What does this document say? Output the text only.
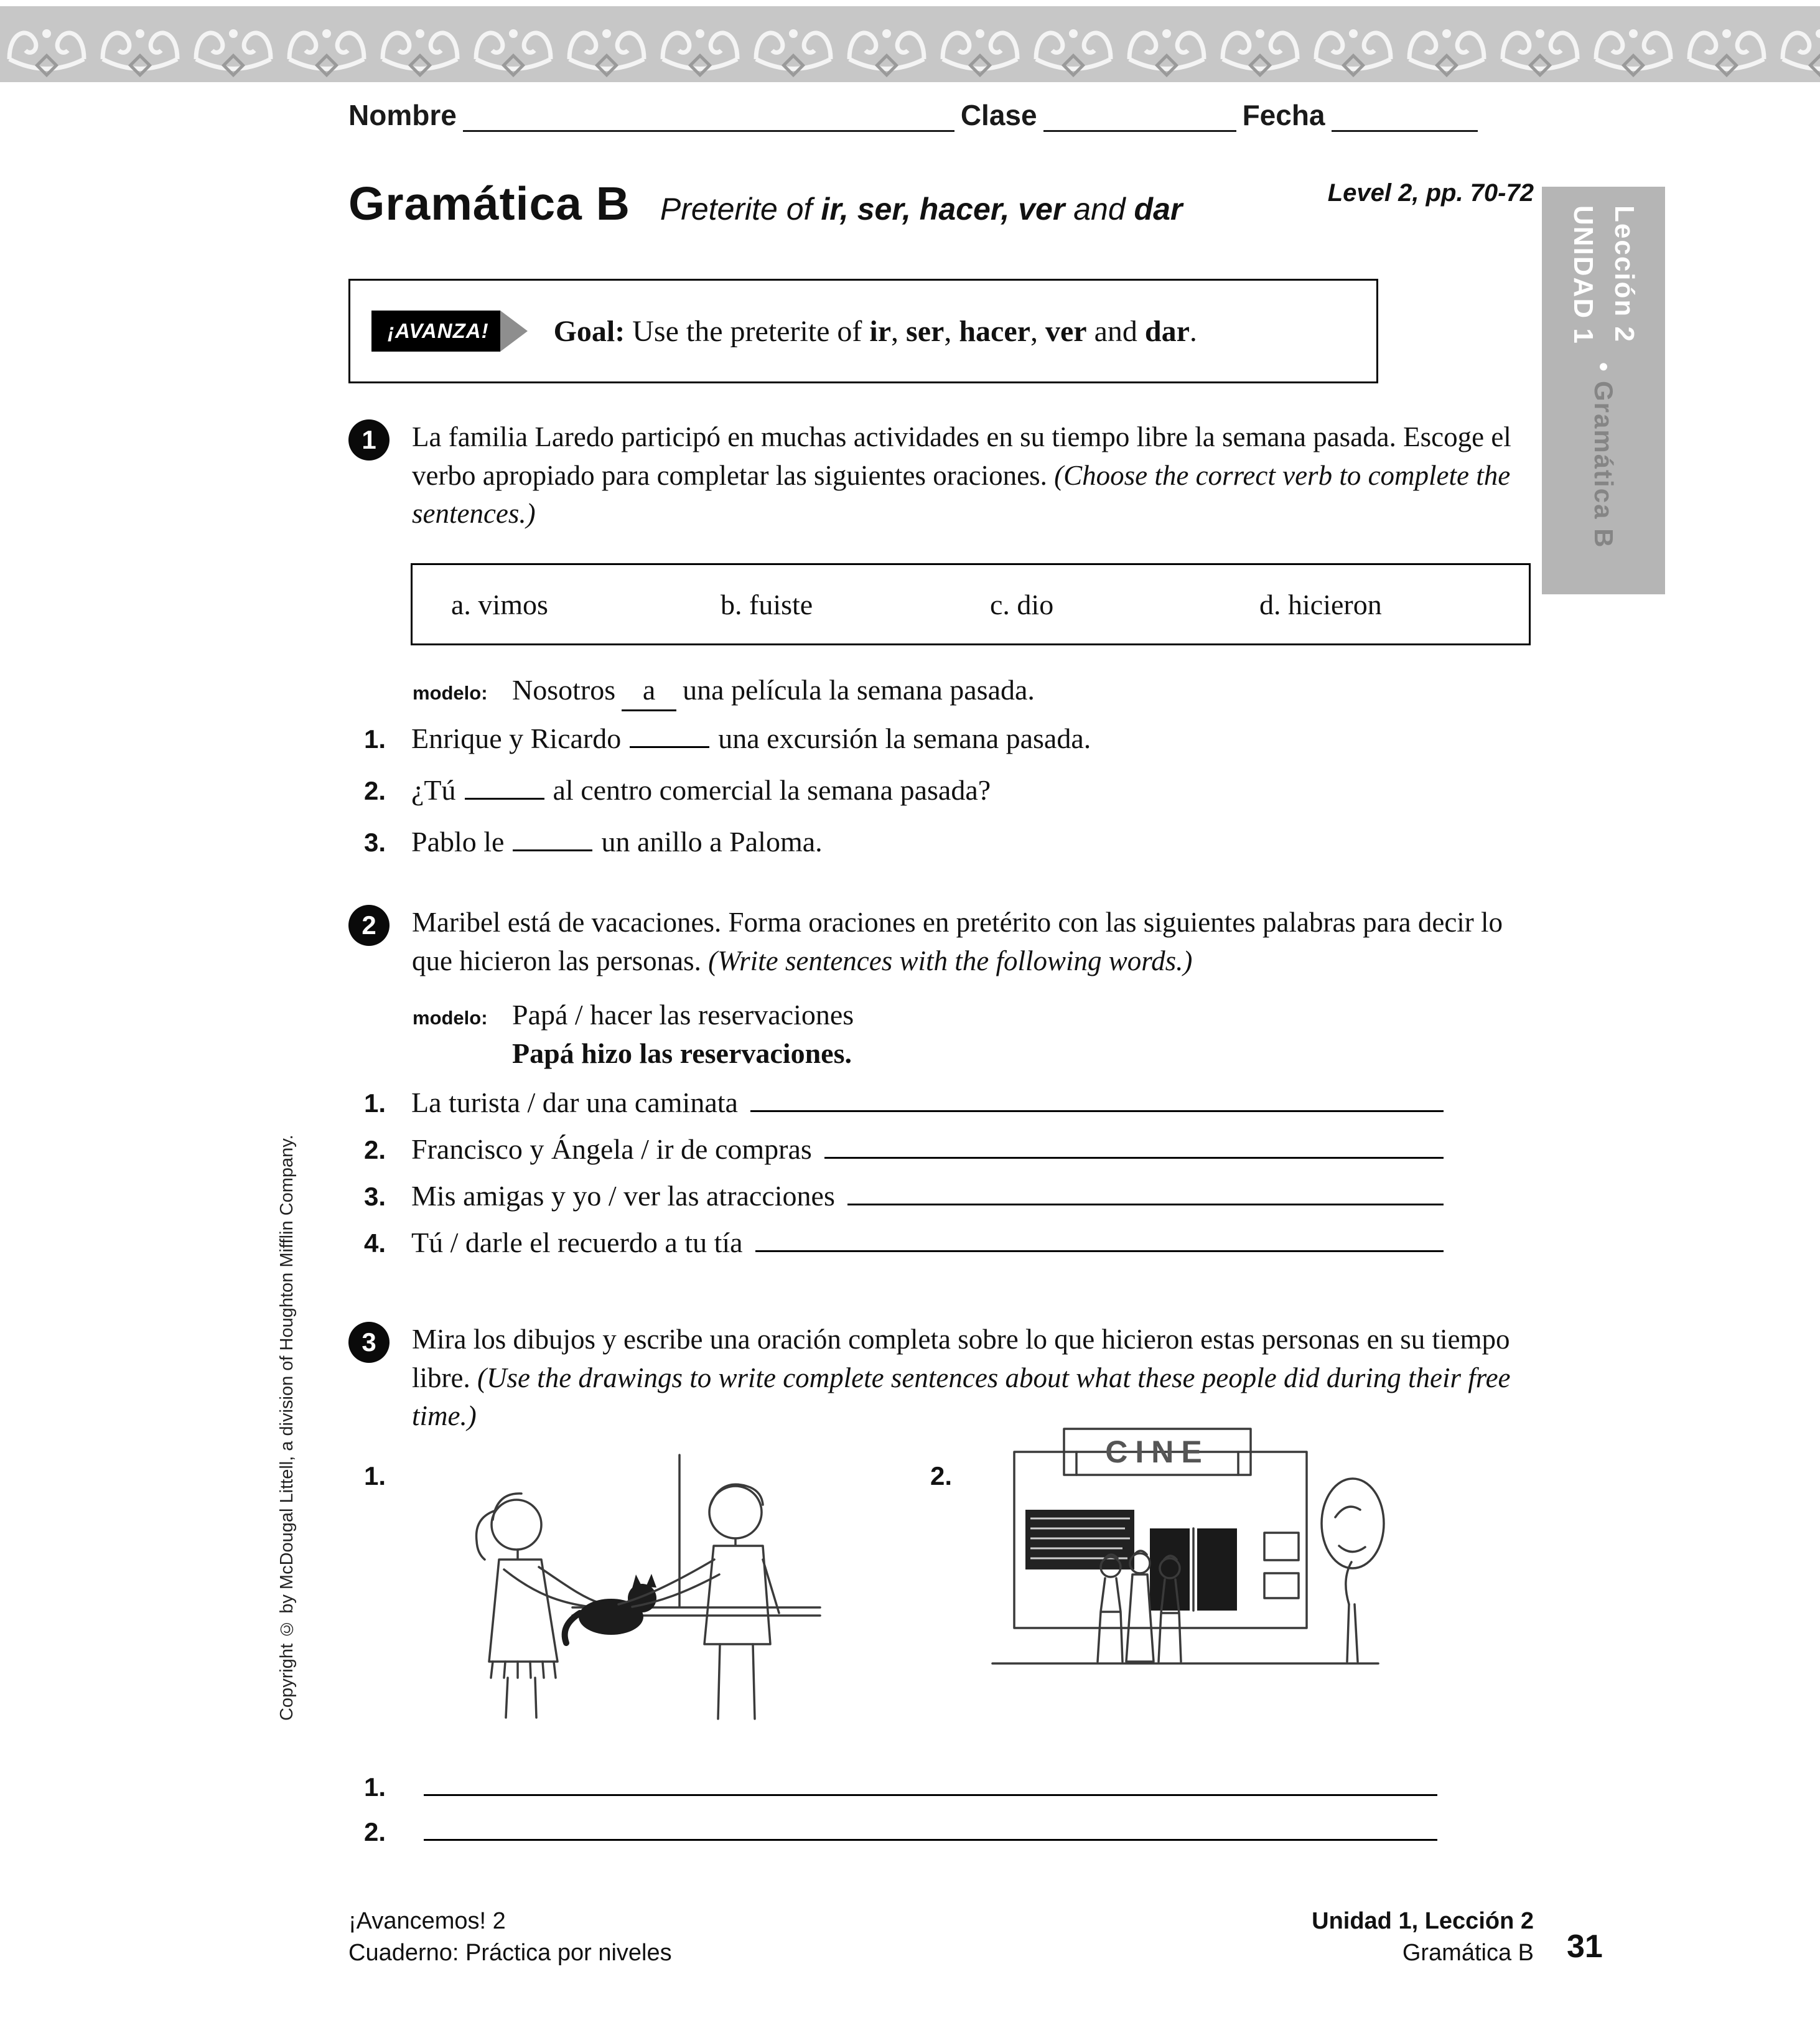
Nombre	Clase	Fecha
Gramática B Preterite of ir, ser, hacer, ver and dar	Level 2, pp. 70-72
UNIDAD 1 Lección 2
• Gramática B
¡AVANZA!	Goal: Use the preterite of ir, ser, hacer, ver and dar.
1	La familia Laredo participó en muchas actividades en su tiempo libre la semana pasada. Escoge el verbo apropiado para completar las siguientes oraciones. (Choose the correct verb to complete the sentences.)
a. vimos	b. fuiste	c. dio	d. hicieron
modelo: Nosotros a una película la semana pasada.
1. Enrique y Ricardo	una excursión la semana pasada.
2. ¿Tú	al centro comercial la semana pasada?
3. Pablo le	un anillo a Paloma.
2	Maribel está de vacaciones. Forma oraciones en pretérito con las siguientes palabras para decir lo que hicieron las personas. (Write sentences with the following words.)
modelo: Papá / hacer las reservaciones
Papá hizo las reservaciones.
1. La turista / dar una caminata
2. Francisco y Ángela / ir de compras
3. Mis amigas y yo / ver las atracciones
4. Tú / darle el recuerdo a tu tía
3	Mira los dibujos y escribe una oración completa sobre lo que hicieron estas personas en su tiempo libre. (Use the drawings to write complete sentences about what these people did during their free time.)
1.	2.
CINE
1.
2.
Copyright © by McDougal Littell, a division of Houghton Mifflin Company.
¡Avancemos! 2
Cuaderno: Práctica por niveles
Unidad 1, Lección 2
Gramática B 31
